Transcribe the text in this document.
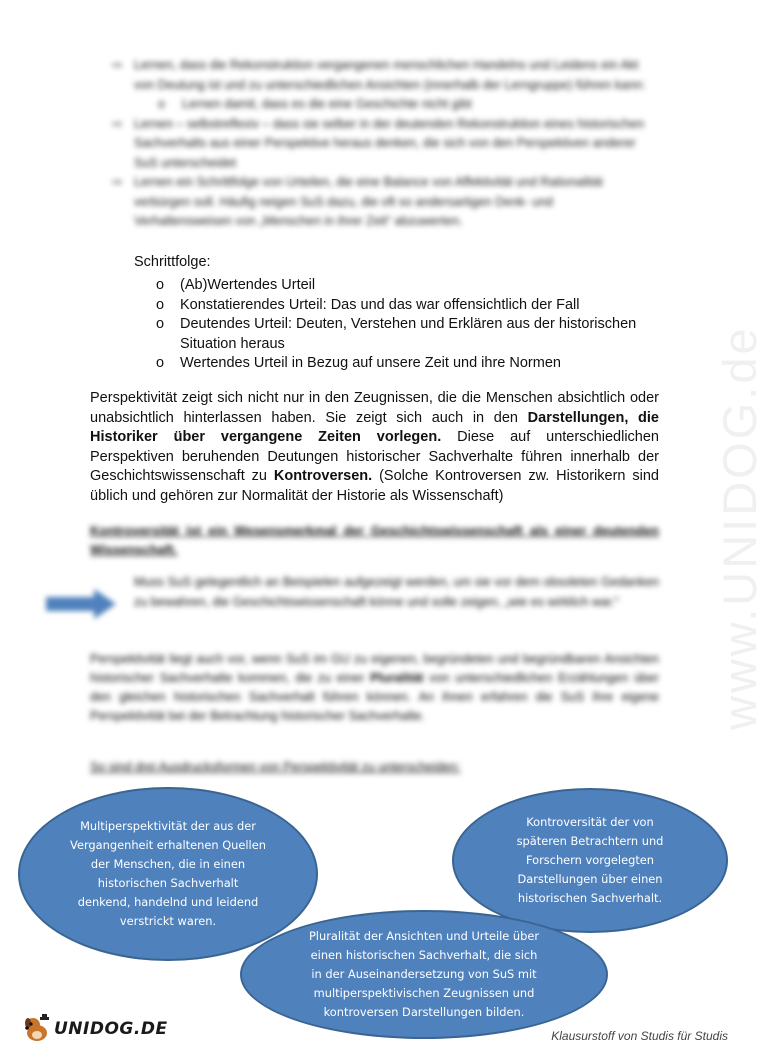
⇨ Lernen, dass die Rekonstruktion vergangenen menschlichen Handelns und Leidens ein Akt von Deutung ist und zu unterschiedlichen Ansichten (innerhalb der Lerngruppe) führen kann:
o Lernen damit, dass es die eine Geschichte nicht gibt
⇨ Lernen – selbstreflexiv – dass sie selber in der deutenden Rekonstruktion eines historischen Sachverhalts aus einer Perspektive heraus denken, die sich von den Perspektiven anderer SuS unterscheidet
⇨ Lernen ein Schrittfolge von Urteilen, die eine Balance von Affektivität und Rationalität verbürgen soll. Häufig neigen SuS dazu, die oft so andersartigen Denk- und Verhaltensweisen von „Menschen in ihrer Zeit“ abzuwerten.
Schrittfolge:
o (Ab)Wertendes Urteil
o Konstatierendes Urteil: Das und das war offensichtlich der Fall
o Deutendes Urteil: Deuten, Verstehen und Erklären aus der historischen Situation heraus
o Wertendes Urteil in Bezug auf unsere Zeit und ihre Normen

Perspektivität zeigt sich nicht nur in den Zeugnissen, die die Menschen absichtlich oder unabsichtlich hinterlassen haben. Sie zeigt sich auch in den Darstellungen, die Historiker über vergangene Zeiten vorlegen. Diese auf unterschiedlichen Perspektiven beruhenden Deutungen historischer Sachverhalte führen innerhalb der Geschichtswissenschaft zu Kontroversen. (Solche Kontroversen zw. Historikern sind üblich und gehören zur Normalität der Historie als Wissenschaft)

Kontroversität ist ein Wesensmerkmal der Geschichtswissenschaft als einer deutenden Wissenschaft.
Muss SuS gelegentlich an Beispielen aufgezeigt werden, um sie vor dem obsoleten Gedanken zu bewahren, die Geschichtswissenschaft könne und solle zeigen, „wie es wirklich war.“
Perspektivität liegt auch vor, wenn SuS im GU zu eigenen, begründeten und begründbaren Ansichten historischer Sachverhalte kommen, die zu einer Pluralität von unterschiedlichen Erzählungen über den gleichen historischen Sachverhalt führen können. An ihnen erfahren die SuS ihre eigene Perspektivität bei der Betrachtung historischer Sachverhalte.
So sind drei Ausdrucksformen von Perspektivität zu unterscheiden:
www.UNIDOG.de
Multiperspektivität der aus der Vergangenheit erhaltenen Quellen der Menschen, die in einen historischen Sachverhalt denkend, handelnd und leidend verstrickt waren.
Kontroversität der von späteren Betrachtern und Forschern vorgelegten Darstellungen über einen historischen Sachverhalt.
Pluralität der Ansichten und Urteile über einen historischen Sachverhalt, die sich in der Auseinandersetzung von SuS mit multiperspektivischen Zeugnissen und kontroversen Darstellungen bilden.
UNIDOG.DE	Klausurstoff von Studis für Studis
